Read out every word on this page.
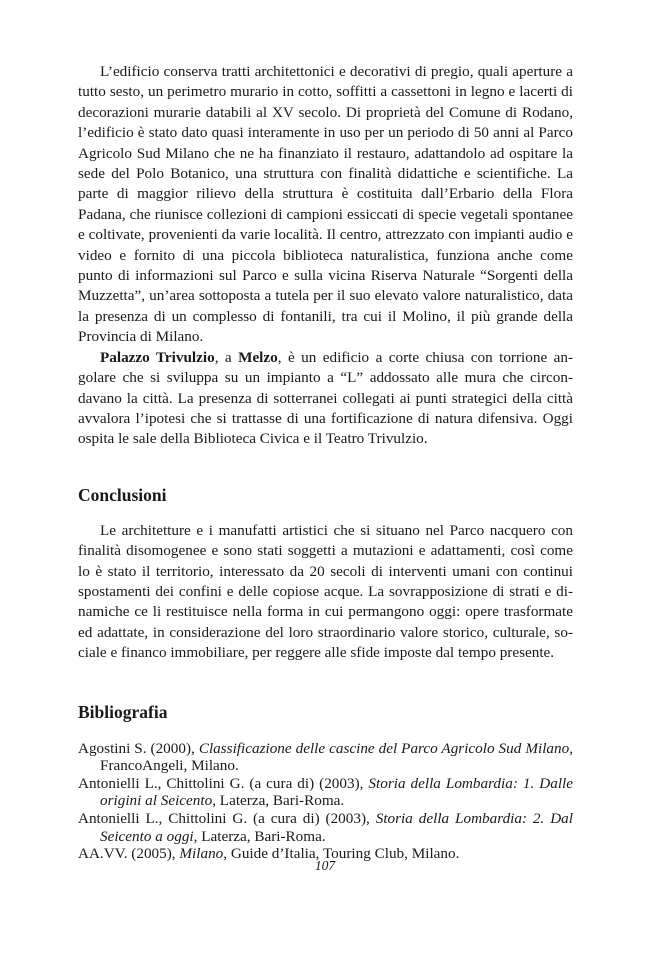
L’edificio conserva tratti architettonici e decorativi di pregio, quali aperture a tutto sesto, un perimetro murario in cotto, soffitti a cassettoni in legno e lacerti di decorazioni murarie databili al XV secolo. Di proprietà del Comune di Rodano, l’edificio è stato dato quasi interamente in uso per un periodo di 50 anni al Parco Agricolo Sud Milano che ne ha finanziato il restauro, adattandolo ad ospitare la sede del Polo Botanico, una struttura con finalità didattiche e scientifiche. La parte di maggior rilievo della struttura è costituita dall’Erbario della Flora Padana, che riunisce collezioni di campioni essiccati di specie vegetali spontanee e coltivate, provenienti da varie località. Il centro, attrezzato con impianti audio e video e fornito di una piccola biblioteca naturalistica, funziona anche come punto di informazioni sul Parco e sulla vicina Riserva Naturale “Sorgenti della Muzzetta”, un’area sottoposta a tutela per il suo elevato valore naturalistico, data la presenza di un complesso di fontanili, tra cui il Molino, il più grande della Provincia di Milano.

Palazzo Trivulzio, a Melzo, è un edificio a corte chiusa con torrione angolare che si sviluppa su un impianto a “L” addossato alle mura che circondavano la città. La presenza di sotterranei collegati ai punti strategici della città avvalora l’ipotesi che si trattasse di una fortificazione di natura difensiva. Oggi ospita le sale della Biblioteca Civica e il Teatro Trivulzio.

Conclusioni

Le architetture e i manufatti artistici che si situano nel Parco nacquero con finalità disomogenee e sono stati soggetti a mutazioni e adattamenti, così come lo è stato il territorio, interessato da 20 secoli di interventi umani con continui spostamenti dei confini e delle copiose acque. La sovrapposizione di strati e dinamiche ce li restituisce nella forma in cui permangono oggi: opere trasformate ed adattate, in considerazione del loro straordinario valore storico, culturale, sociale e financo immobiliare, per reggere alle sfide imposte dal tempo presente.

Bibliografia

Agostini S. (2000), Classificazione delle cascine del Parco Agricolo Sud Milano, FrancoAngeli, Milano.

Antonielli L., Chittolini G. (a cura di) (2003), Storia della Lombardia: 1. Dalle origini al Seicento, Laterza, Bari-Roma.

Antonielli L., Chittolini G. (a cura di) (2003), Storia della Lombardia: 2. Dal Seicento a oggi, Laterza, Bari-Roma.

AA.VV. (2005), Milano, Guide d’Italia, Touring Club, Milano.

107
